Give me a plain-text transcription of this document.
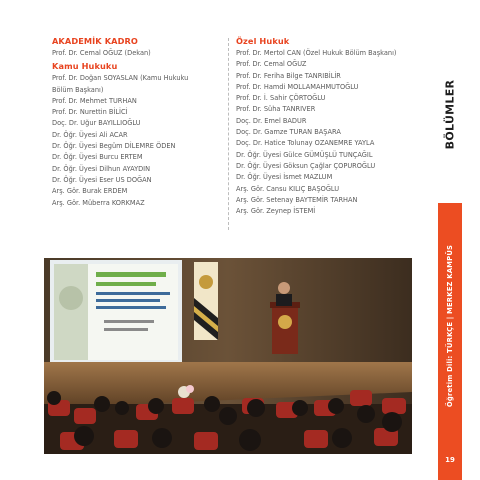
AKADEMİK KADRO
Prof. Dr. Cemal OĞUZ (Dekan)
Kamu Hukuku
Prof. Dr. Doğan SOYASLAN (Kamu Hukuku Bölüm Başkanı)
Prof. Dr. Mehmet TURHAN
Prof. Dr. Nurettin BİLİCİ
Doç. Dr. Uğur BAYILLIOĞLU
Dr. Öğr. Üyesi Ali ACAR
Dr. Öğr. Üyesi Begüm DİLEMRE ÖDEN
Dr. Öğr. Üyesi Burcu ERTEM
Dr. Öğr. Üyesi Dilhun AYAYDIN
Dr. Öğr. Üyesi Eser US DOĞAN
Arş. Gör. Burak ERDEM
Arş. Gör. Müberra KORKMAZ
Özel Hukuk
Prof. Dr. Mertol CAN (Özel Hukuk Bölüm Başkanı)
Prof. Dr. Cemal OĞUZ
Prof. Dr. Feriha Bilge TANRIBİLİR
Prof. Dr. Hamdi MOLLAMAHMUTOĞLU
Prof. Dr. İ. Sahir ÇÖRTOĞLU
Prof. Dr. Süha TANRIVER
Doç. Dr. Emel BADUR
Doç. Dr. Gamze TURAN BAŞARA
Doç. Dr. Hatice Tolunay OZANEMRE YAYLA
Dr. Öğr. Üyesi Gülce GÜMÜŞLÜ TUNÇAĞIL
Dr. Öğr. Üyesi Göksun Çağlar ÇOPUROĞLU
Dr. Öğr. Üyesi İsmet MAZLUM
Arş. Gör. Cansu KILIÇ BAŞOĞLU
Arş. Gör. Setenay BAYTEMİR TARHAN
Arş. Gör. Zeynep İSTEMİ
BÖLÜMLER
Öğretim Dili: TÜRKÇE | MERKEZ KAMPÜS
19
